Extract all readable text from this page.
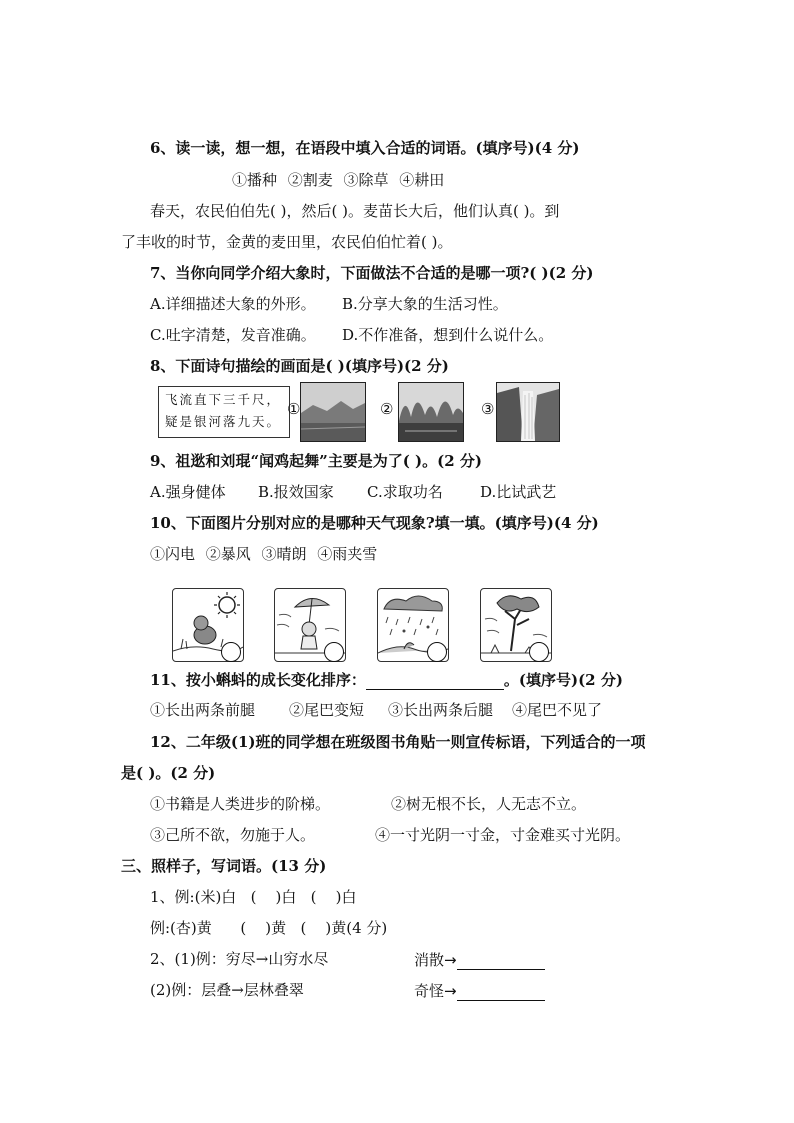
6、读一读，想一想，在语段中填入合适的词语。(填序号)(4 分)
①播种 ②割麦 ③除草 ④耕田
春天，农民伯伯先( )，然后( )。麦苗长大后，他们认真( )。到
了丰收的时节，金黄的麦田里，农民伯伯忙着( )。
7、当你向同学介绍大象时，下面做法不合适的是哪一项?( )(2 分)
A.详细描述大象的外形。 B.分享大象的生活习性。
C.吐字清楚，发音准确。 D.不作准备，想到什么说什么。
8、下面诗句描绘的画面是( )(填序号)(2 分)
飞流直下三千尺，
疑是银河落九天。
①	②	③
9、祖逖和刘琨“闻鸡起舞”主要是为了( )。(2 分)
A.强身健体 B.报效国家 C.求取功名 D.比试武艺
10、下面图片分别对应的是哪种天气现象?填一填。(填序号)(4 分)
①闪电 ②暴风 ③晴朗 ④雨夹雪
11、按小蝌蚪的成长变化排序：	。(填序号)(2 分)
①长出两条前腿 ②尾巴变短 ③长出两条后腿 ④尾巴不见了
12、二年级(1)班的同学想在班级图书角贴一则宣传标语，下列适合的一项
是( )。(2 分)
①书籍是人类进步的阶梯。	②树无根不长，人无志不立。
③己所不欲，勿施于人。	④一寸光阴一寸金，寸金难买寸光阴。
三、照样子，写词语。(13 分)
1、例:(米)白   (    )白   (    )白
例:(杏)黄      (    )黄   (    )黄(4 分)
2、(1)例：穷尽→山穷水尽	消散→
(2)例：层叠→层林叠翠	奇怪→
